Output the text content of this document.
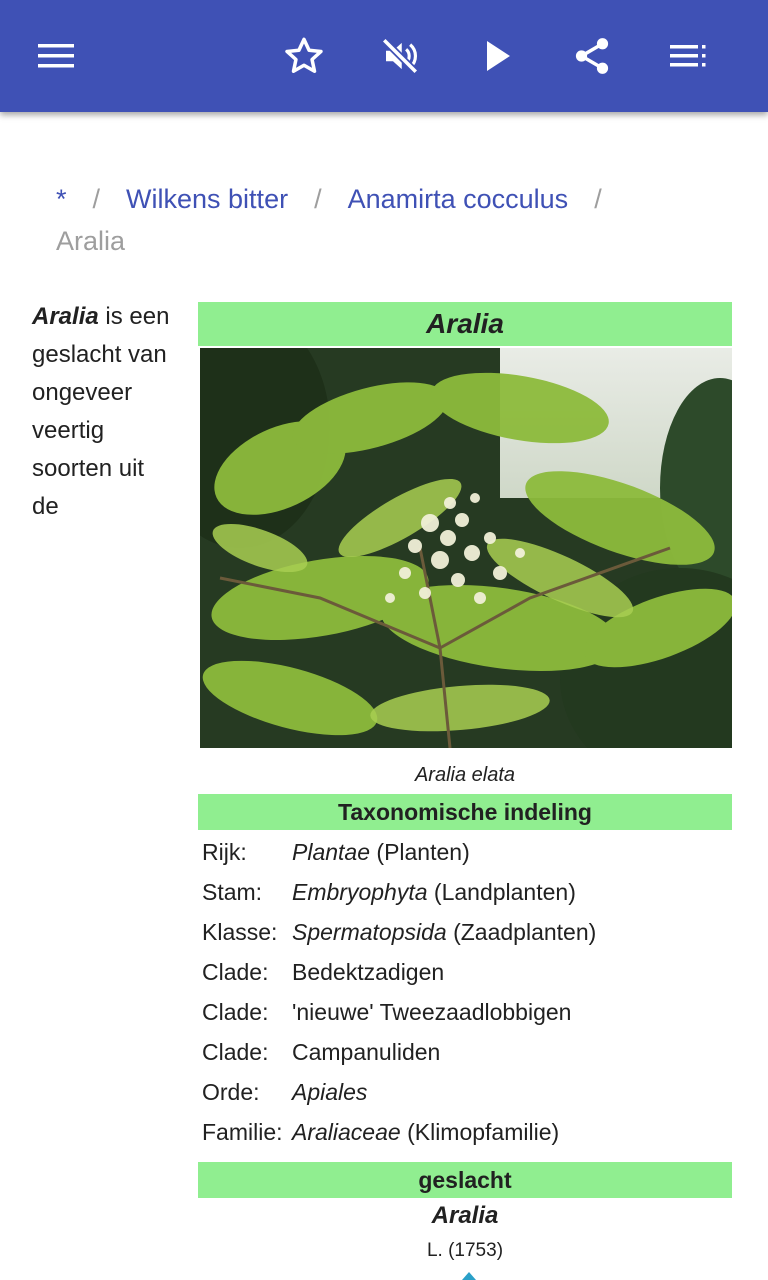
* / Wilkens bitter / Anamirta cocculus /
Aralia
Aralia is een geslacht van ongeveer veertig soorten uit de
Aralia
Aralia elata
Taxonomische indeling
Rijk:	Plantae (Planten)
Stam:	Embryophyta (Landplanten)
Klasse: Spermatopsida (Zaadplanten)
Clade:	Bedektzadigen
Clade:	'nieuwe' Tweezaadlobbigen
Clade:	Campanuliden
Orde:	Apiales
Familie: Araliaceae (Klimopfamilie)
geslacht
Aralia
L. (1753)
